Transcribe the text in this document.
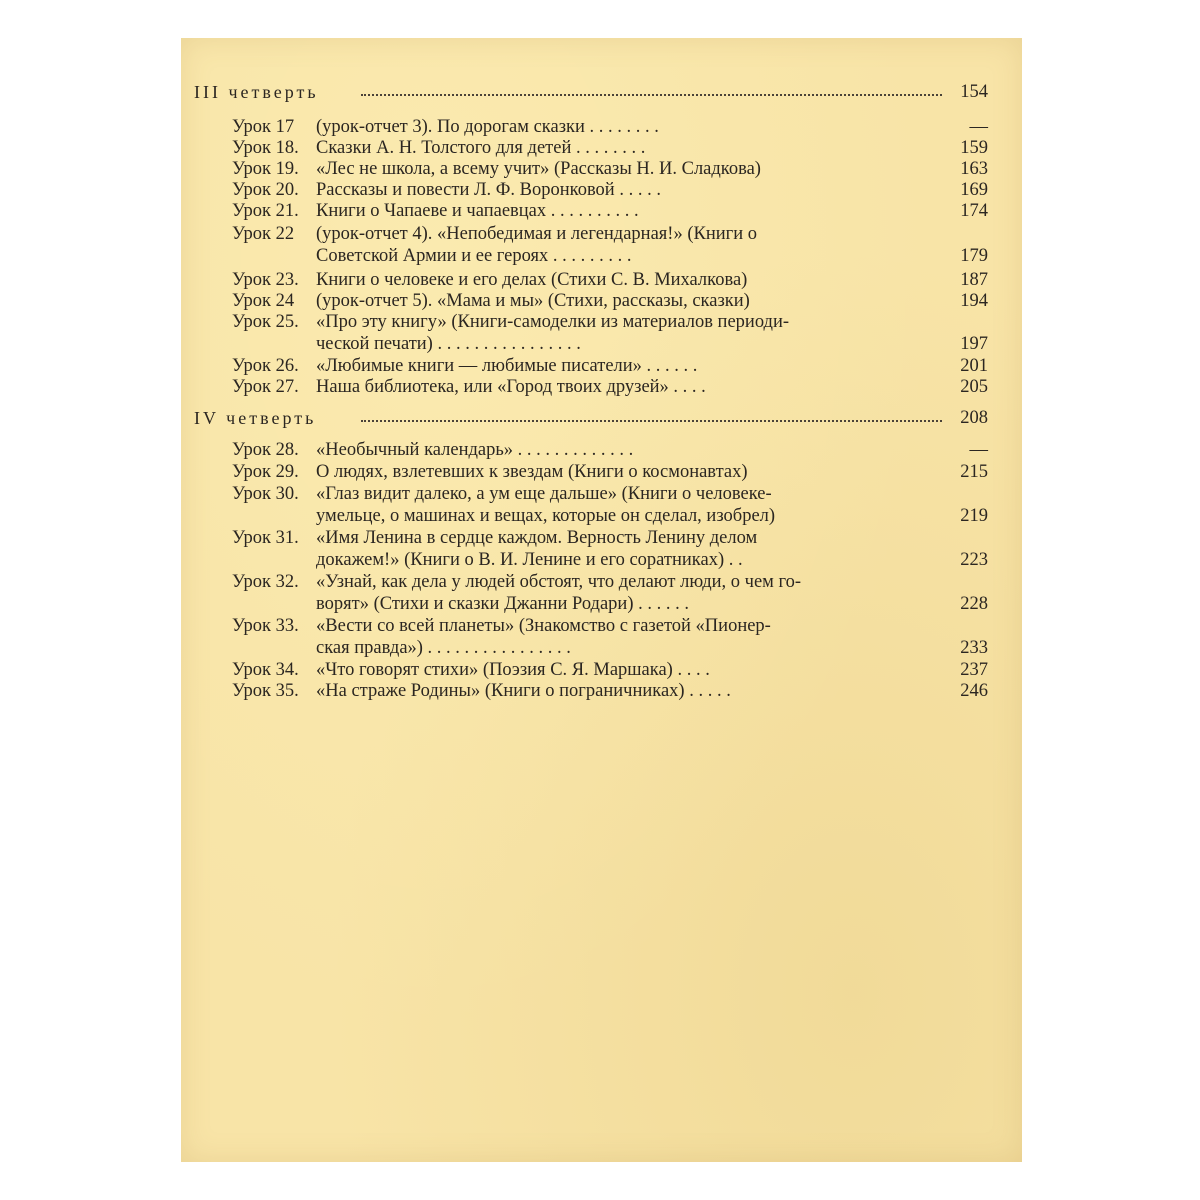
III четверть	154
Урок 17 (урок-отчет 3). По дорогам сказки . . . . . . . .	—
Урок 18. Сказки А. Н. Толстого для детей . . . . . . . .	159
Урок 19. «Лес не школа, а всему учит» (Рассказы Н. И. Сладкова)	163
Урок 20. Рассказы и повести Л. Ф. Воронковой . . . . .	169
Урок 21. Книги о Чапаеве и чапаевцах . . . . . . . . . .	174
Урок 22 (урок-отчет 4). «Непобедимая и легендарная!» (Книги о
Советской Армии и ее героях . . . . . . . . .	179
Урок 23. Книги о человеке и его делах (Стихи С. В. Михалкова)	187
Урок 24 (урок-отчет 5). «Мама и мы» (Стихи, рассказы, сказки)	194
Урок 25. «Про эту книгу» (Книги-самоделки из материалов периоди-
ческой печати) . . . . . . . . . . . . . . . .	197
Урок 26. «Любимые книги — любимые писатели» . . . . . .	201
Урок 27. Наша библиотека, или «Город твоих друзей» . . . .	205
IV четверть	208
Урок 28. «Необычный календарь» . . . . . . . . . . . . .	—
Урок 29. О людях, взлетевших к звездам (Книги о космонавтах)	215
Урок 30. «Глаз видит далеко, а ум еще дальше» (Книги о человеке-
умельце, о машинах и вещах, которые он сделал, изобрел)	219
Урок 31. «Имя Ленина в сердце каждом. Верность Ленину делом
докажем!» (Книги о В. И. Ленине и его соратниках) . .	223
Урок 32. «Узнай, как дела у людей обстоят, что делают люди, о чем го-
ворят» (Стихи и сказки Джанни Родари) . . . . . .	228
Урок 33. «Вести со всей планеты» (Знакомство с газетой «Пионер-
ская правда») . . . . . . . . . . . . . . . .	233
Урок 34. «Что говорят стихи» (Поэзия С. Я. Маршака) . . . .	237
Урок 35. «На страже Родины» (Книги о пограничниках) . . . . .	246
